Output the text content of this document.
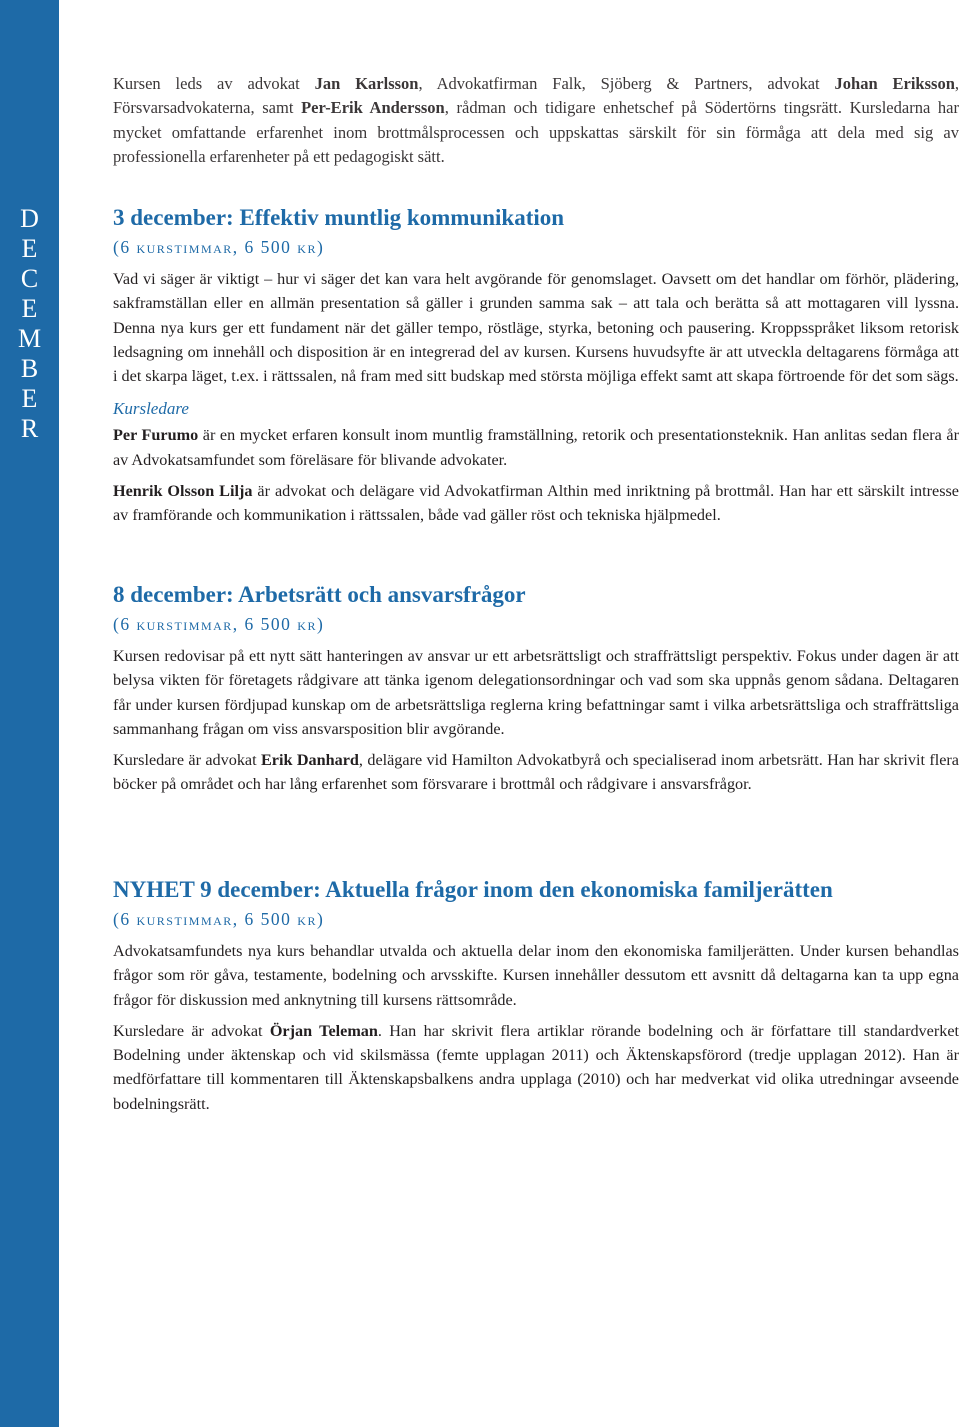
D
E
C
E
M
B
E
R

Kursen leds av advokat Jan Karlsson, Advokatfirman Falk, Sjöberg & Partners, advokat Johan Eriksson, Försvarsadvokaterna, samt Per-Erik Andersson, rådman och tidigare enhetschef på Södertörns tingsrätt. Kursledarna har mycket omfattande erfarenhet inom brottmålsprocessen och uppskattas särskilt för sin förmåga att dela med sig av professionella erfarenheter på ett pedagogiskt sätt.

3 december: Effektiv muntlig kommunikation
(6 kurstimmar, 6 500 kr)

Vad vi säger är viktigt – hur vi säger det kan vara helt avgörande för genomslaget. Oavsett om det handlar om förhör, plädering, sakframställan eller en allmän presentation så gäller i grunden samma sak – att tala och berätta så att mottagaren vill lyssna. Denna nya kurs ger ett fundament när det gäller tempo, röstläge, styrka, betoning och pausering. Kroppsspråket liksom retorisk ledsagning om innehåll och disposition är en integrerad del av kursen. Kursens huvudsyfte är att utveckla deltagarens förmåga att i det skarpa läget, t.ex. i rättssalen, nå fram med sitt budskap med största möjliga effekt samt att skapa förtroende för det som sägs.

Kursledare

Per Furumo är en mycket erfaren konsult inom muntlig framställning, retorik och presentationsteknik. Han anlitas sedan flera år av Advokatsamfundet som föreläsare för blivande advokater.

Henrik Olsson Lilja är advokat och delägare vid Advokatfirman Althin med inriktning på brottmål. Han har ett särskilt intresse av framförande och kommunikation i rättssalen, både vad gäller röst och tekniska hjälpmedel.

8 december: Arbetsrätt och ansvarsfrågor
(6 kurstimmar, 6 500 kr)

Kursen redovisar på ett nytt sätt hanteringen av ansvar ur ett arbetsrättsligt och straffrättsligt perspektiv. Fokus under dagen är att belysa vikten för företagets rådgivare att tänka igenom delegationsordningar och vad som ska uppnås genom sådana. Deltagaren får under kursen fördjupad kunskap om de arbetsrättsliga reglerna kring befattningar samt i vilka arbetsrättsliga och straffrättsliga sammanhang frågan om viss ansvarsposition blir avgörande.

Kursledare är advokat Erik Danhard, delägare vid Hamilton Advokatbyrå och specialiserad inom arbetsrätt. Han har skrivit flera böcker på området och har lång erfarenhet som försvarare i brottmål och rådgivare i ansvarsfrågor.

NYHET 9 december: Aktuella frågor inom den ekonomiska familjerätten
(6 kurstimmar, 6 500 kr)

Advokatsamfundets nya kurs behandlar utvalda och aktuella delar inom den ekonomiska familjerätten. Under kursen behandlas frågor som rör gåva, testamente, bodelning och arvsskifte. Kursen innehåller dessutom ett avsnitt då deltagarna kan ta upp egna frågor för diskussion med anknytning till kursens rättsområde.

Kursledare är advokat Örjan Teleman. Han har skrivit flera artiklar rörande bodelning och är författare till standardverket Bodelning under äktenskap och vid skilsmässa (femte upplagan 2011) och Äktenskapsförord (tredje upplagan 2012). Han är medförfattare till kommentaren till Äktenskapsbalkens andra upplaga (2010) och har medverkat vid olika utredningar avseende bodelningsrätt.
